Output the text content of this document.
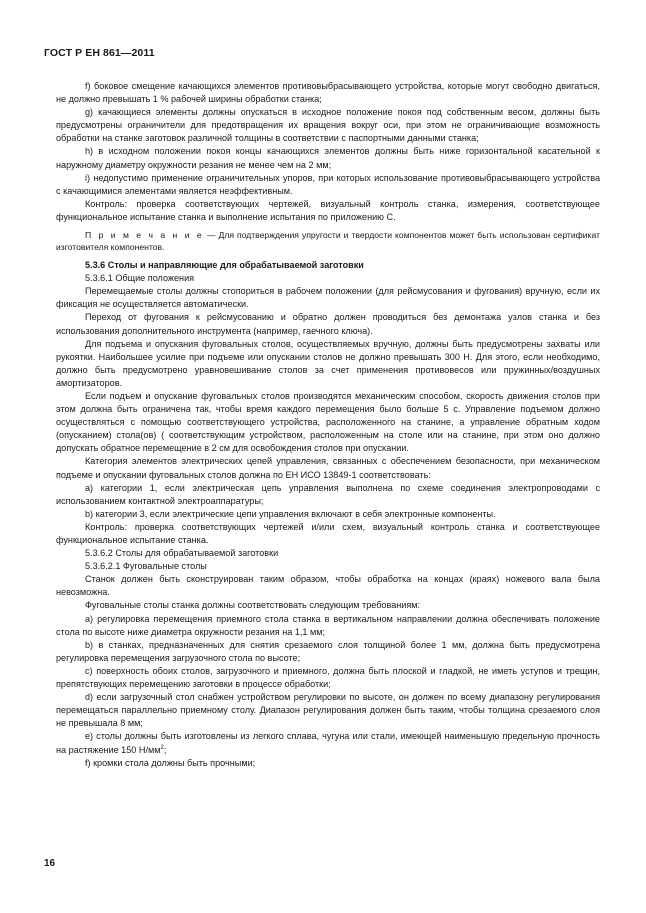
ГОСТ Р ЕН 861—2011

f) боковое смещение качающихся элементов противовыбрасывающего устройства, которые могут свободно двигаться, не должно превышать 1 % рабочей ширины обработки станка;

g) качающиеся элементы должны опускаться в исходное положение покоя под собственным весом, должны быть предусмотрены ограничители для предотвращения их вращения вокруг оси, при этом не ограничивающие возможность обработки на станке заготовок различной толщины в соответствии с паспортными данными станка;

h) в исходном положении покоя концы качающихся элементов должны быть ниже горизонтальной касательной к наружному диаметру окружности резания не менее чем на 2 мм;

i) недопустимо применение ограничительных упоров, при которых использование противовыбрасывающего устройства с качающимися элементами является неэффективным.

Контроль: проверка соответствующих чертежей, визуальный контроль станка, измерения, соответствующее функциональное испытание станка и выполнение испытания по приложению С.

П р и м е ч а н и е — Для подтверждения упругости и твердости компонентов может быть использован сертификат изготовителя компонентов.

5.3.6 Столы и направляющие для обрабатываемой заготовки

5.3.6.1 Общие положения

Перемещаемые столы должны стопориться в рабочем положении (для рейсмусования и фугования) вручную, если их фиксация не осуществляется автоматически.

Переход от фугования к рейсмусованию и обратно должен проводиться без демонтажа узлов станка и без использования дополнительного инструмента (например, гаечного ключа).

Для подъема и опускания фуговальных столов, осуществляемых вручную, должны быть предусмотрены захваты или рукоятки. Наибольшее усилие при подъеме или опускании столов не должно превышать 300 Н. Для этого, если необходимо, должно быть предусмотрено уравновешивание столов за счет применения противовесов или пружинных/воздушных амортизаторов.

Если подъем и опускание фуговальных столов производятся механическим способом, скорость движения столов при этом должна быть ограничена так, чтобы время каждого перемещения было больше 5 с. Управление подъемом должно осуществляться с помощью соответствующего устройства, расположенного на станине, а управление обратным ходом (опусканием) стола(ов) ( соответствующим устройством, расположенным на столе или на станине, при этом оно должно допускать обратное перемещение в 2 см для освобождения столов при опускании.

Категория элементов электрических цепей управления, связанных с обеспечением безопасности, при механическом подъеме и опускании фуговальных столов должна по ЕН ИСО 13849-1 соответствовать:

a) категории 1, если электрическая цепь управления выполнена по схеме соединения электропроводами с использованием контактной электроаппаратуры;

b) категории 3, если электрические цепи управления включают в себя электронные компоненты.

Контроль: проверка соответствующих чертежей и/или схем, визуальный контроль станка и соответствующее функциональное испытание станка.

5.3.6.2 Столы для обрабатываемой заготовки

5.3.6.2.1 Фуговальные столы

Станок должен быть сконструирован таким образом, чтобы обработка на концах (краях) ножевого вала была невозможна.

Фуговальные столы станка должны соответствовать следующим требованиям:

a) регулировка перемещения приемного стола станка в вертикальном направлении должна обеспечивать положение стола по высоте ниже диаметра окружности резания на 1,1 мм;

b) в станках, предназначенных для снятия срезаемого слоя толщиной более 1 мм, должна быть предусмотрена регулировка перемещения загрузочного стола по высоте;

c) поверхность обоих столов, загрузочного и приемного, должна быть плоской и гладкой, не иметь уступов и трещин, препятствующих перемещению заготовки в процессе обработки;

d) если загрузочный стол снабжен устройством регулировки по высоте, он должен по всему диапазону регулирования перемещаться параллельно приемному столу. Диапазон регулирования должен быть таким, чтобы толщина срезаемого слоя не превышала 8 мм;

e) столы должны быть изготовлены из легкого сплава, чугуна или стали, имеющей наименьшую предельную прочность на растяжение 150 $Н/мм^2$;

f) кромки стола должны быть прочными;

16
